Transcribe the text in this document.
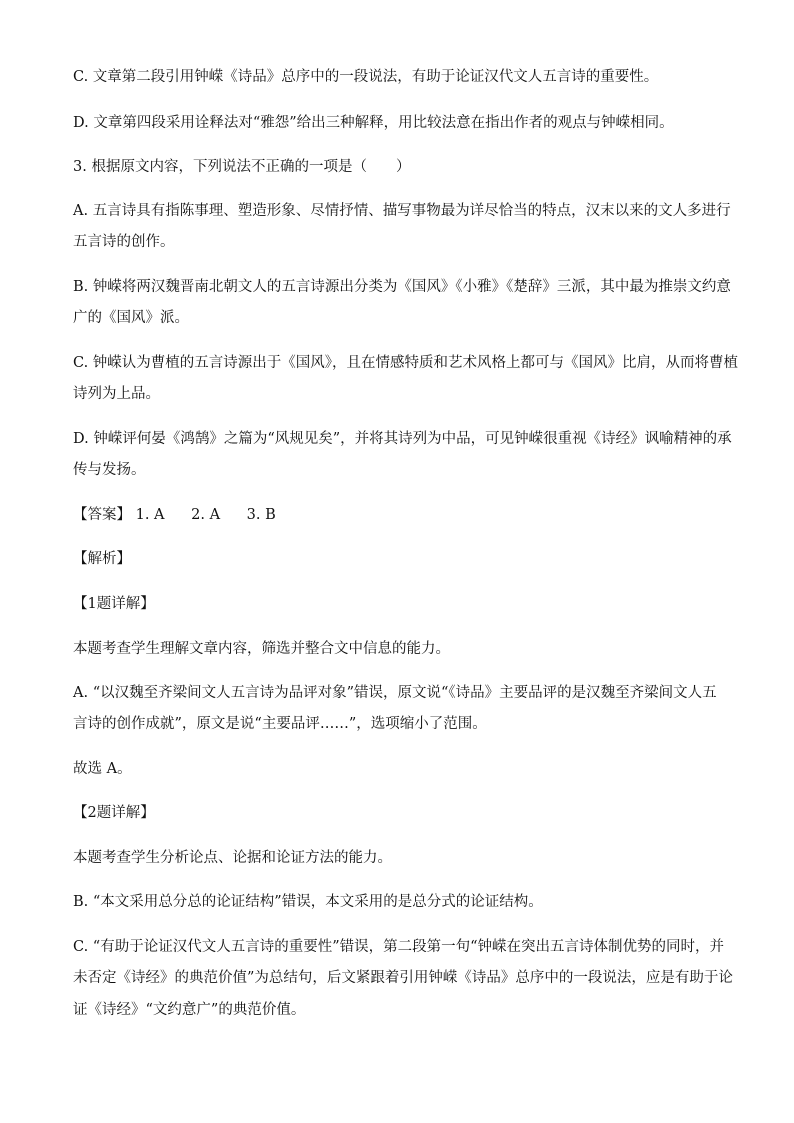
C. 文章第二段引用钟嵘《诗品》总序中的一段说法，有助于论证汉代文人五言诗的重要性。
D. 文章第四段采用诠释法对“雅怨”给出三种解释，用比较法意在指出作者的观点与钟嵘相同。
3. 根据原文内容，下列说法不正确的一项是（　　）
A. 五言诗具有指陈事理、塑造形象、尽情抒情、描写事物最为详尽恰当的特点，汉末以来的文人多进行
五言诗的创作。
B. 钟嵘将两汉魏晋南北朝文人的五言诗源出分类为《国风》《小雅》《楚辞》三派，其中最为推崇文约意
广的《国风》派。
C. 钟嵘认为曹植的五言诗源出于《国风》，且在情感特质和艺术风格上都可与《国风》比肩，从而将曹植
诗列为上品。
D. 钟嵘评何晏《鸿鹄》之篇为“风规见矣”，并将其诗列为中品，可见钟嵘很重视《诗经》讽喻精神的承
传与发扬。
【答案】 1. A 2. A 3. B
【解析】
【1题详解】
本题考查学生理解文章内容，筛选并整合文中信息的能力。
A. “以汉魏至齐梁间文人五言诗为品评对象”错误，原文说“《诗品》主要品评的是汉魏至齐梁间文人五
言诗的创作成就”，原文是说“主要品评……”，选项缩小了范围。
故选 A。
【2题详解】
本题考查学生分析论点、论据和论证方法的能力。
B. “本文采用总分总的论证结构”错误，本文采用的是总分式的论证结构。
C. “有助于论证汉代文人五言诗的重要性”错误，第二段第一句“钟嵘在突出五言诗体制优势的同时，并
未否定《诗经》的典范价值”为总结句，后文紧跟着引用钟嵘《诗品》总序中的一段说法，应是有助于论
证《诗经》“文约意广”的典范价值。
